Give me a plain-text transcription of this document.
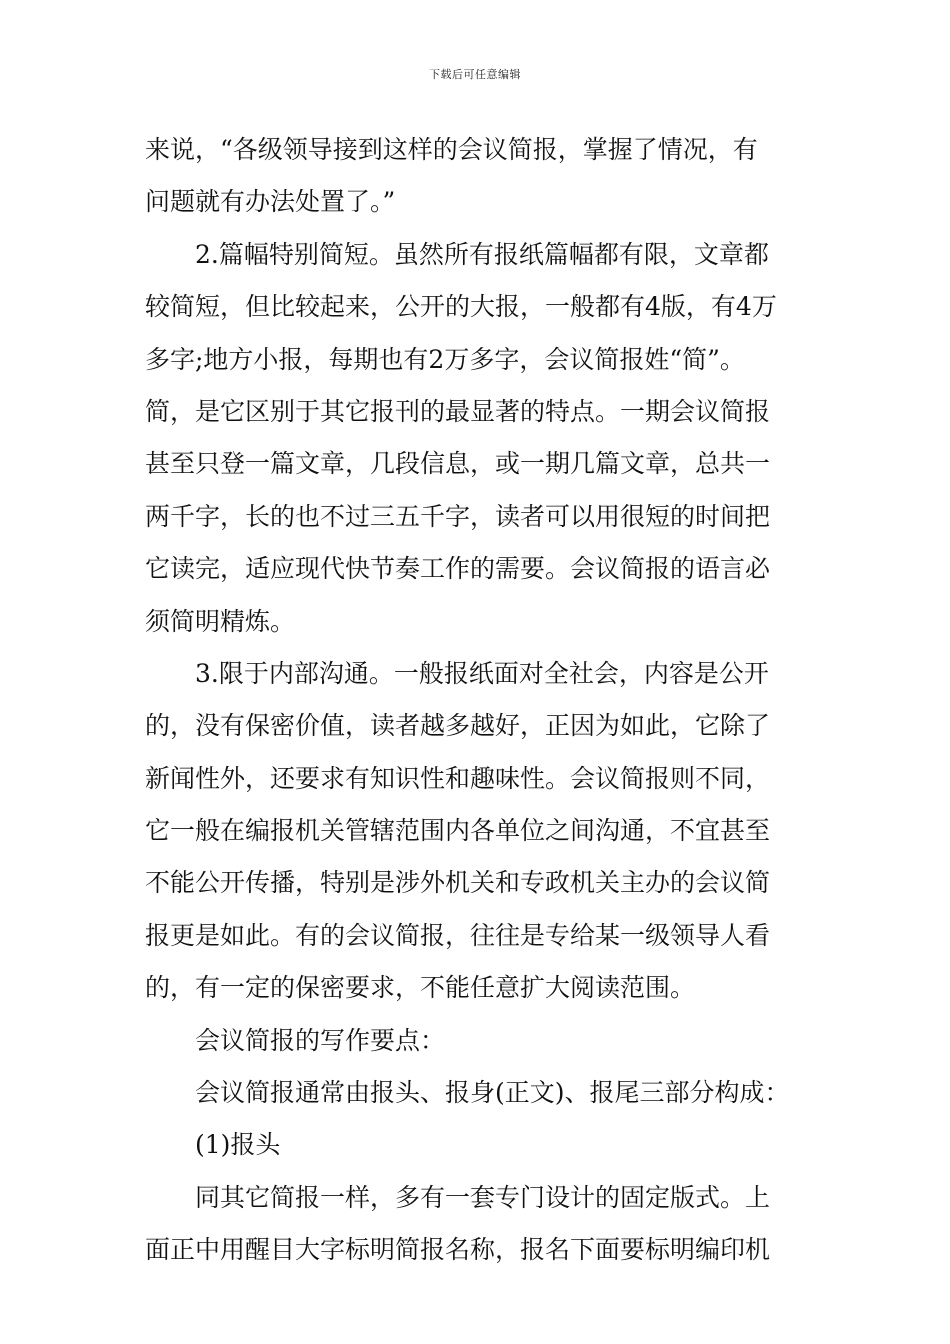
下载后可任意编辑
来说，“各级领导接到这样的会议简报，掌握了情况，有
问题就有办法处置了。”
2.篇幅特别简短。虽然所有报纸篇幅都有限，文章都
较简短，但比较起来，公开的大报，一般都有4版，有4万
多字;地方小报，每期也有2万多字，会议简报姓“简”。
简，是它区别于其它报刊的最显著的特点。一期会议简报
甚至只登一篇文章，几段信息，或一期几篇文章，总共一
两千字，长的也不过三五千字，读者可以用很短的时间把
它读完，适应现代快节奏工作的需要。会议简报的语言必
须简明精炼。
3.限于内部沟通。一般报纸面对全社会，内容是公开
的，没有保密价值，读者越多越好，正因为如此，它除了
新闻性外，还要求有知识性和趣味性。会议简报则不同，
它一般在编报机关管辖范围内各单位之间沟通，不宜甚至
不能公开传播，特别是涉外机关和专政机关主办的会议简
报更是如此。有的会议简报，往往是专给某一级领导人看
的，有一定的保密要求，不能任意扩大阅读范围。
会议简报的写作要点：
会议简报通常由报头、报身(正文)、报尾三部分构成：
(1)报头
同其它简报一样，多有一套专门设计的固定版式。上
面正中用醒目大字标明简报名称，报名下面要标明编印机
